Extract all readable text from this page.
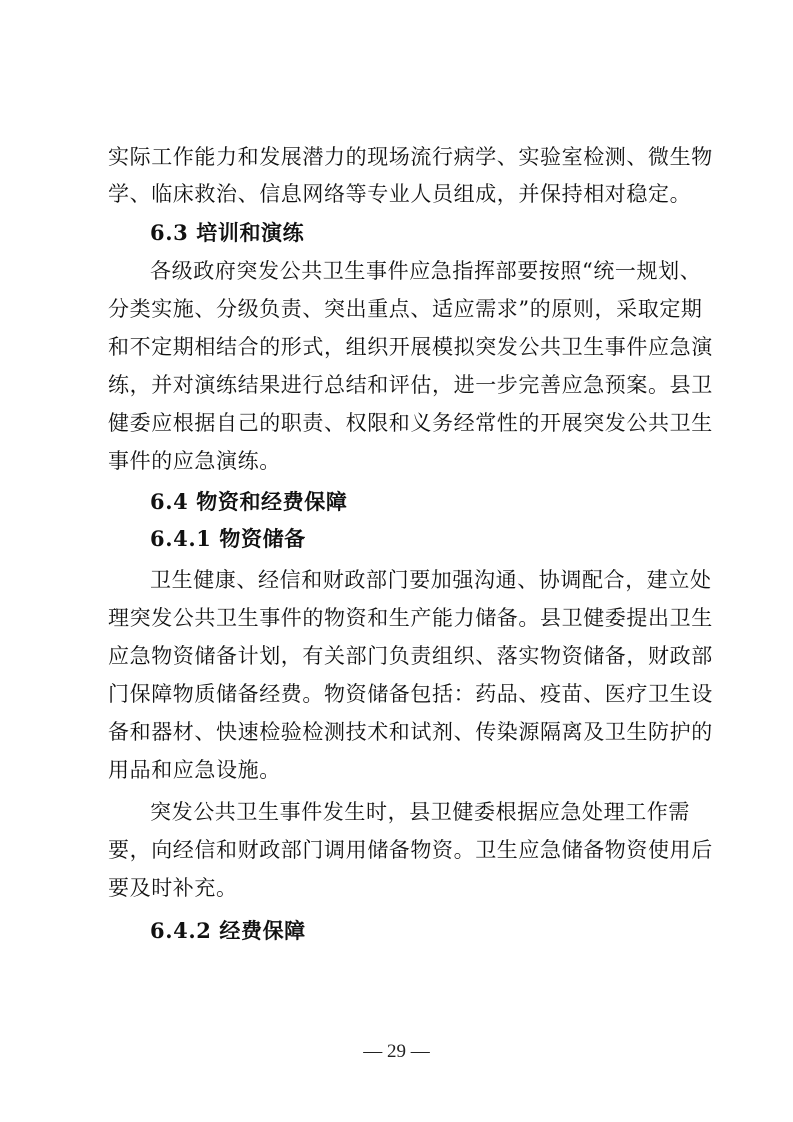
实际工作能力和发展潜力的现场流行病学、实验室检测、微生物
学、临床救治、信息网络等专业人员组成，并保持相对稳定。
6.3 培训和演练
各级政府突发公共卫生事件应急指挥部要按照“统一规划、
分类实施、分级负责、突出重点、适应需求”的原则，采取定期
和不定期相结合的形式，组织开展模拟突发公共卫生事件应急演
练，并对演练结果进行总结和评估，进一步完善应急预案。县卫
健委应根据自己的职责、权限和义务经常性的开展突发公共卫生
事件的应急演练。
6.4 物资和经费保障
6.4.1 物资储备
卫生健康、经信和财政部门要加强沟通、协调配合，建立处
理突发公共卫生事件的物资和生产能力储备。县卫健委提出卫生
应急物资储备计划，有关部门负责组织、落实物资储备，财政部
门保障物质储备经费。物资储备包括：药品、疫苗、医疗卫生设
备和器材、快速检验检测技术和试剂、传染源隔离及卫生防护的
用品和应急设施。
突发公共卫生事件发生时，县卫健委根据应急处理工作需
要，向经信和财政部门调用储备物资。卫生应急储备物资使用后
要及时补充。
6.4.2 经费保障
— 29 —
